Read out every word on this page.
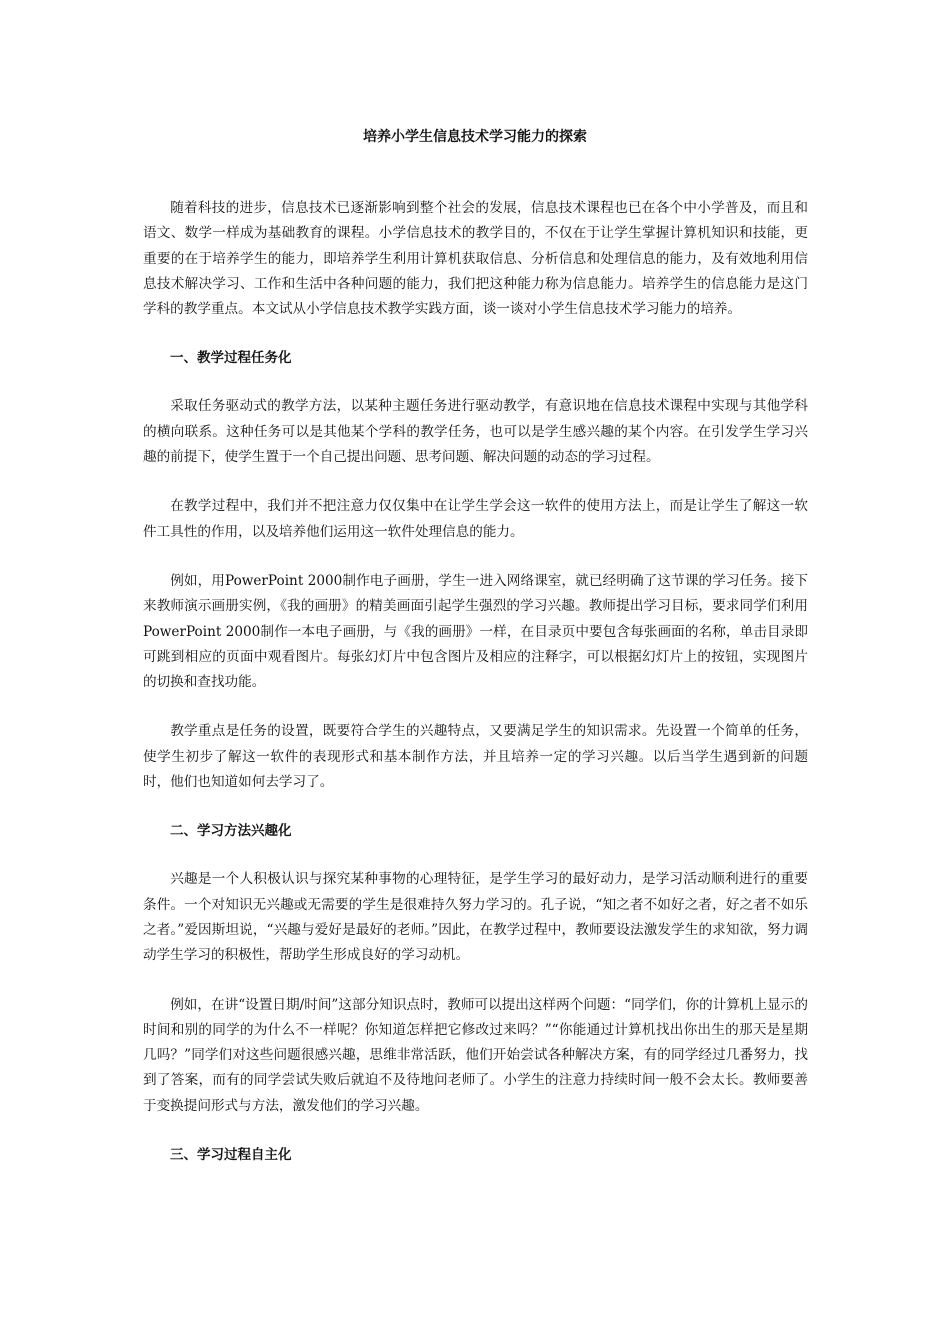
培养小学生信息技术学习能力的探索

随着科技的进步，信息技术已逐渐影响到整个社会的发展，信息技术课程也已在各个中小学普及，而且和语文、数学一样成为基础教育的课程。小学信息技术的教学目的，不仅在于让学生掌握计算机知识和技能，更重要的在于培养学生的能力，即培养学生利用计算机获取信息、分析信息和处理信息的能力，及有效地利用信息技术解决学习、工作和生活中各种问题的能力，我们把这种能力称为信息能力。培养学生的信息能力是这门学科的教学重点。本文试从小学信息技术教学实践方面，谈一谈对小学生信息技术学习能力的培养。

一、教学过程任务化

采取任务驱动式的教学方法，以某种主题任务进行驱动教学，有意识地在信息技术课程中实现与其他学科的横向联系。这种任务可以是其他某个学科的教学任务，也可以是学生感兴趣的某个内容。在引发学生学习兴趣的前提下，使学生置于一个自己提出问题、思考问题、解决问题的动态的学习过程。

在教学过程中，我们并不把注意力仅仅集中在让学生学会这一软件的使用方法上，而是让学生了解这一软件工具性的作用，以及培养他们运用这一软件处理信息的能力。

例如，用PowerPoint 2000制作电子画册，学生一进入网络课室，就已经明确了这节课的学习任务。接下来教师演示画册实例，《我的画册》的精美画面引起学生强烈的学习兴趣。教师提出学习目标，要求同学们利用PowerPoint 2000制作一本电子画册，与《我的画册》一样，在目录页中要包含每张画面的名称，单击目录即可跳到相应的页面中观看图片。每张幻灯片中包含图片及相应的注释字，可以根据幻灯片上的按钮，实现图片的切换和查找功能。

教学重点是任务的设置，既要符合学生的兴趣特点，又要满足学生的知识需求。先设置一个简单的任务，使学生初步了解这一软件的表现形式和基本制作方法，并且培养一定的学习兴趣。以后当学生遇到新的问题时，他们也知道如何去学习了。

二、学习方法兴趣化

兴趣是一个人积极认识与探究某种事物的心理特征，是学生学习的最好动力，是学习活动顺利进行的重要条件。一个对知识无兴趣或无需要的学生是很难持久努力学习的。孔子说，“知之者不如好之者，好之者不如乐之者。”爱因斯坦说，“兴趣与爱好是最好的老师。”因此，在教学过程中，教师要设法激发学生的求知欲，努力调动学生学习的积极性，帮助学生形成良好的学习动机。

例如，在讲“设置日期/时间”这部分知识点时，教师可以提出这样两个问题：“同学们，你的计算机上显示的时间和别的同学的为什么不一样呢？你知道怎样把它修改过来吗？”“你能通过计算机找出你出生的那天是星期几吗？”同学们对这些问题很感兴趣，思维非常活跃，他们开始尝试各种解决方案，有的同学经过几番努力，找到了答案，而有的同学尝试失败后就迫不及待地问老师了。小学生的注意力持续时间一般不会太长。教师要善于变换提问形式与方法，激发他们的学习兴趣。

三、学习过程自主化
